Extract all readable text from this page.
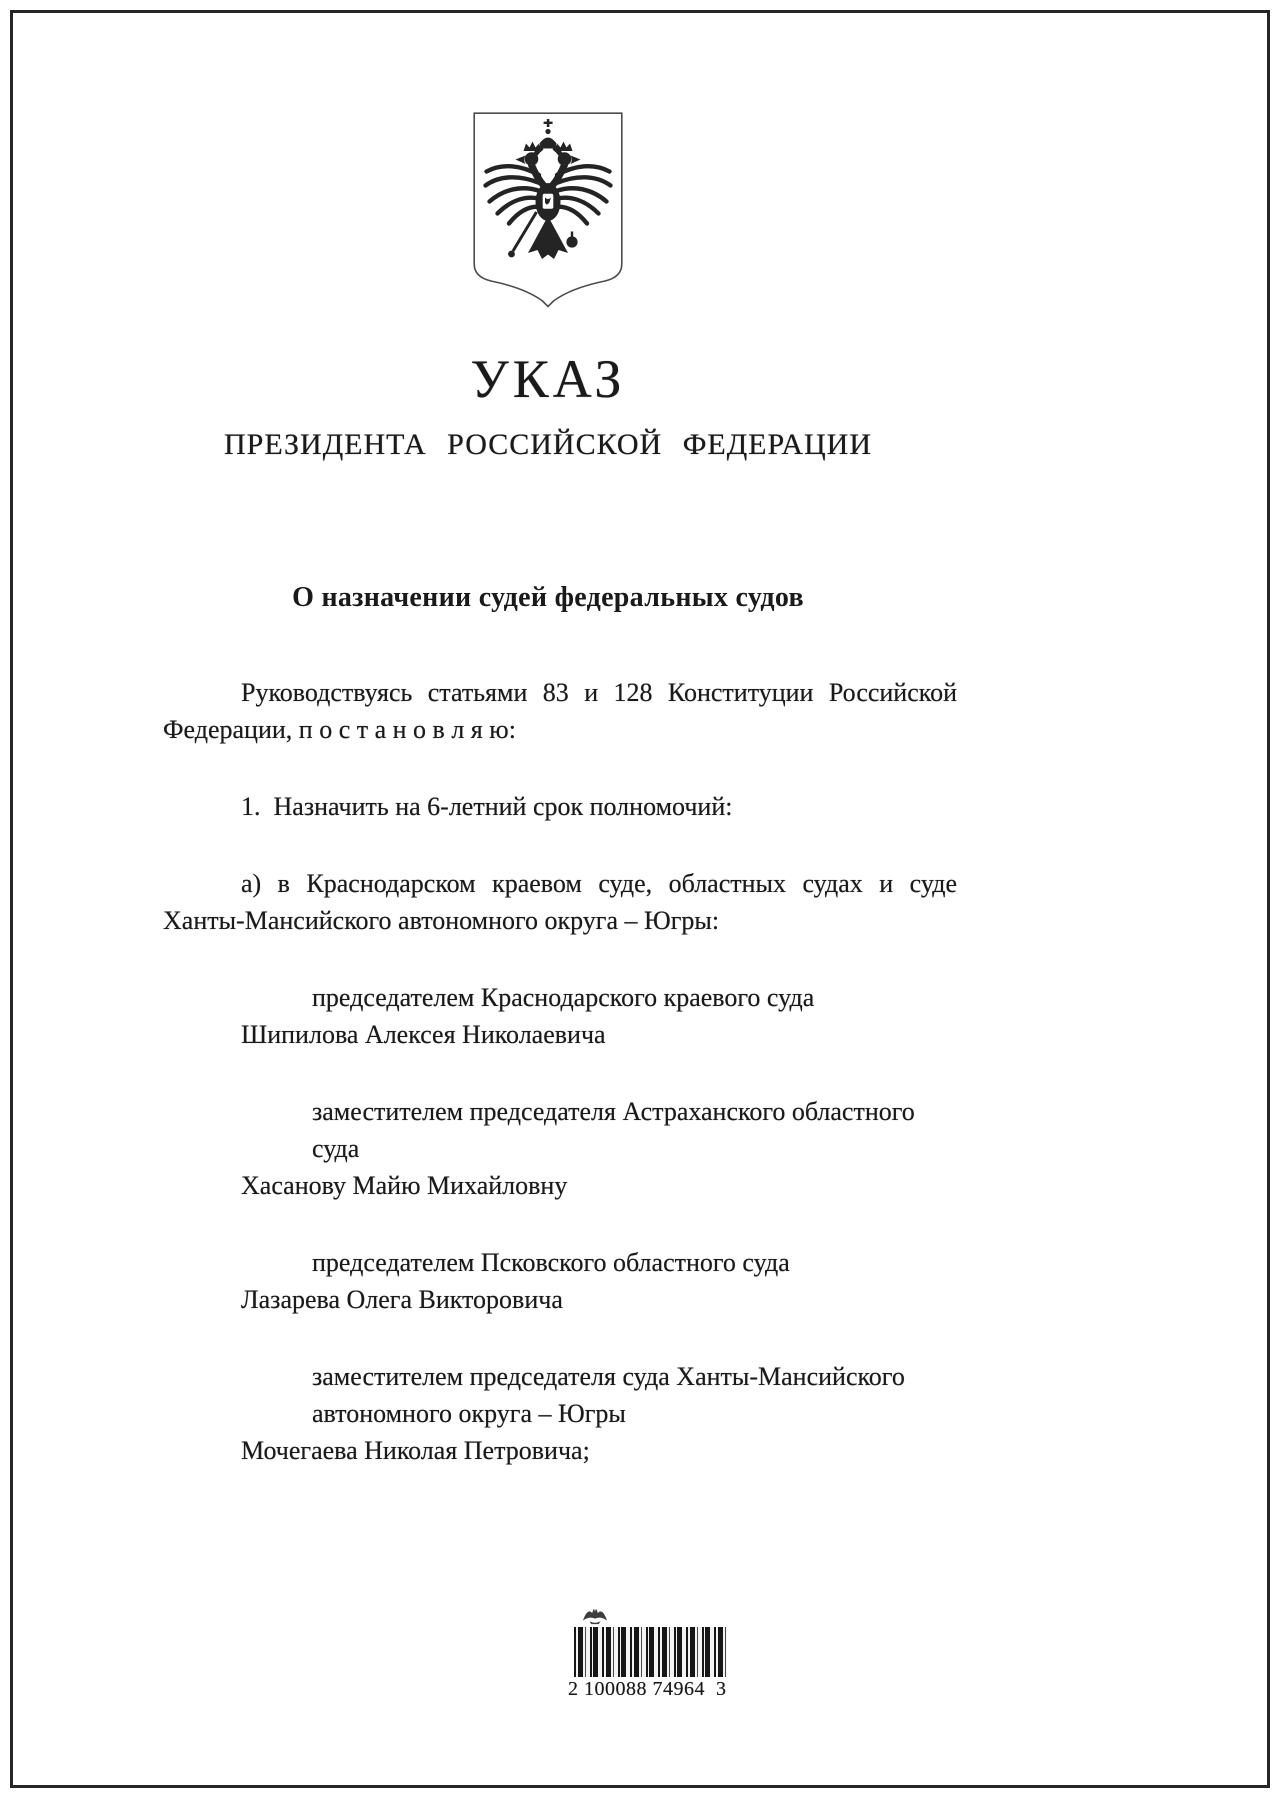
УКАЗ
ПРЕЗИДЕНТА РОССИЙСКОЙ ФЕДЕРАЦИИ
О назначении судей федеральных судов
Руководствуясь статьями 83 и 128 Конституции Российской
Федерации, п о с т а н о в л я ю:
1.  Назначить на 6-летний срок полномочий:
а) в Краснодарском краевом суде, областных судах и суде
Ханты-Мансийского автономного округа – Югры:
председателем Краснодарского краевого суда
Шипилова Алексея Николаевича
заместителем председателя Астраханского областного
суда
Хасанову Майю Михайловну
председателем Псковского областного суда
Лазарева Олега Викторовича
заместителем председателя суда Ханты-Мансийского
автономного округа – Югры
Мочегаева Николая Петровича;
2 100088 74964  3
